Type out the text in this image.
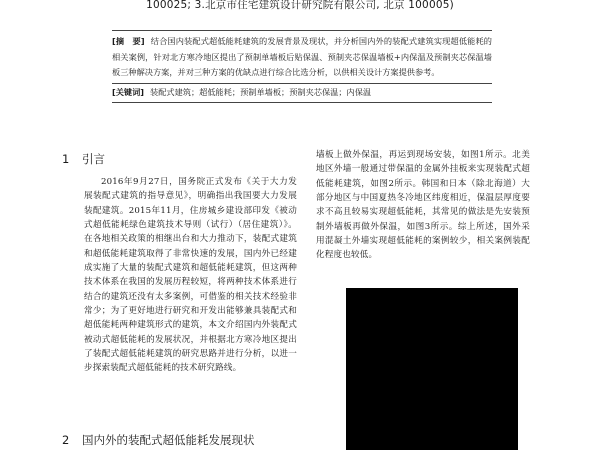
100025; 3.北京市住宅建筑设计研究院有限公司, 北京 100005)

[摘　要] 结合国内装配式超低能耗建筑的发展背景及现状，并分析国内外的装配式建筑实现超低能耗的相关案例，针对北方寒冷地区提出了预制单墙板后贴保温、预制夹芯保温墙板+内保温及预制夹芯保温墙板三种解决方案，并对三种方案的优缺点进行综合比选分析，以供相关设计方案提供参考。

[关键词] 装配式建筑；超低能耗；预制单墙板；预制夹芯保温；内保温
1 引言

2016年9月27日，国务院正式发布《关于大力发展装配式建筑的指导意见》，明确指出我国要大力发展装配建筑。2015年11月，住房城乡建设部印发《被动式超低能耗绿色建筑技术导则（试行）（居住建筑）》。在各地相关政策的相继出台和大力推动下，装配式建筑和超低能耗建筑取得了非常快速的发展，国内外已经建成实施了大量的装配式建筑和超低能耗建筑，但这两种技术体系在我国的发展历程较短，将两种技术体系进行结合的建筑还没有太多案例，可借鉴的相关技术经验非常少；为了更好地进行研究和开发出能够兼具装配式和超低能耗两种建筑形式的建筑，本文介绍国内外装配式被动式超低能耗的发展状况，并根据北方寒冷地区提出了装配式超低能耗建筑的研究思路并进行分析，以进一步探索装配式超低能耗的技术研究路线。

2 国内外的装配式超低能耗发展现状

墙板上做外保温，再运到现场安装，如图1所示。北美地区外墙一般通过带保温的金属外挂板来实现装配式超低能耗建筑，如图2所示。韩国和日本（除北海道）大部分地区与中国夏热冬冷地区纬度相近，保温层厚度要求不高且较易实现超低能耗，其常见的做法是先安装预制外墙板再做外保温，如图3所示。综上所述，国外采用混凝土外墙实现超低能耗的案例较少，相关案例装配化程度也较低。
